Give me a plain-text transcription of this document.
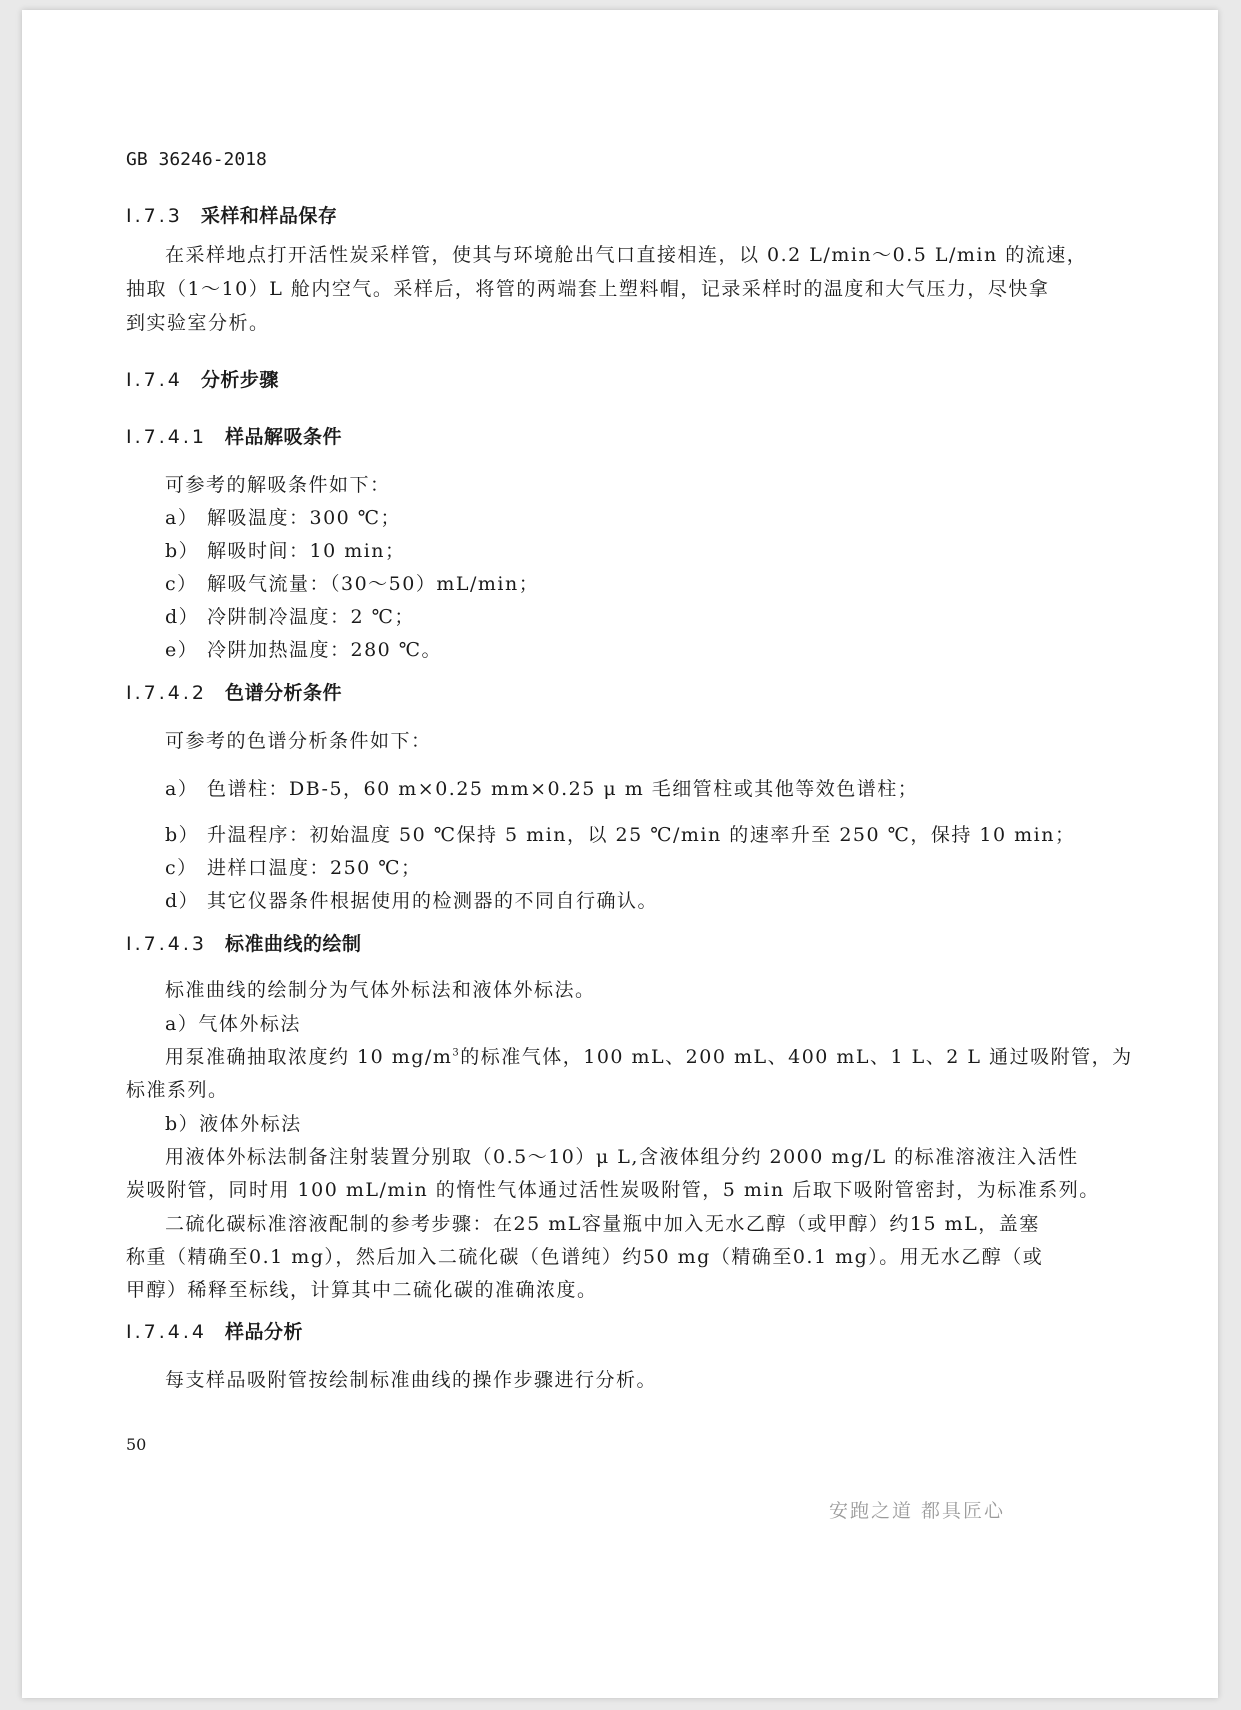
GB 36246-2018
I.7.3 采样和样品保存
在采样地点打开活性炭采样管，使其与环境舱出气口直接相连，以 0.2 L/min～0.5 L/min 的流速，
抽取（1～10）L 舱内空气。采样后，将管的两端套上塑料帽，记录采样时的温度和大气压力，尽快拿
到实验室分析。
I.7.4 分析步骤
I.7.4.1 样品解吸条件
可参考的解吸条件如下：
a） 解吸温度：300 ℃；
b） 解吸时间：10 min；
c） 解吸气流量：（30～50）mL/min；
d） 冷阱制冷温度：2 ℃；
e） 冷阱加热温度：280 ℃。
I.7.4.2 色谱分析条件
可参考的色谱分析条件如下：
a） 色谱柱：DB-5，60 m×0.25 mm×0.25 μ m 毛细管柱或其他等效色谱柱；
b） 升温程序：初始温度 50 ℃保持 5 min，以 25 ℃/min 的速率升至 250 ℃，保持 10 min；
c） 进样口温度：250 ℃；
d） 其它仪器条件根据使用的检测器的不同自行确认。
I.7.4.3 标准曲线的绘制
标准曲线的绘制分为气体外标法和液体外标法。
a）气体外标法
用泵准确抽取浓度约 10 $mg/m^3$的标准气体，100 mL、200 mL、400 mL、1 L、2 L 通过吸附管，为
标准系列。
b）液体外标法
用液体外标法制备注射装置分别取（0.5～10）μ L,含液体组分约 2000 mg/L 的标准溶液注入活性
炭吸附管，同时用 100 mL/min 的惰性气体通过活性炭吸附管，5 min 后取下吸附管密封，为标准系列。
二硫化碳标准溶液配制的参考步骤：在25 mL容量瓶中加入无水乙醇（或甲醇）约15 mL，盖塞
称重（精确至0.1 mg），然后加入二硫化碳（色谱纯）约50 mg（精确至0.1 mg）。用无水乙醇（或
甲醇）稀释至标线，计算其中二硫化碳的准确浓度。
I.7.4.4 样品分析
每支样品吸附管按绘制标准曲线的操作步骤进行分析。
50
安跑之道 都具匠心
